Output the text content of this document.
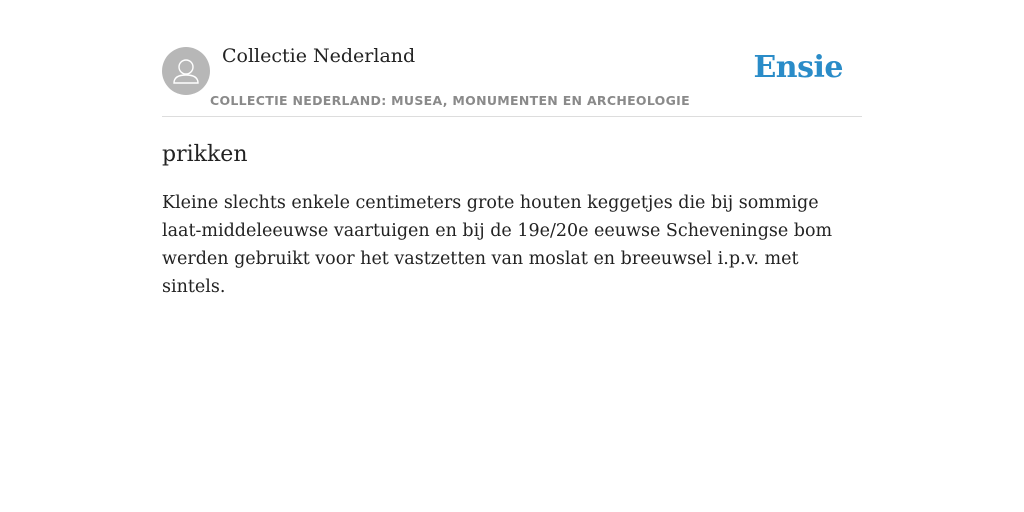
Collectie Nederland
COLLECTIE NEDERLAND: MUSEA, MONUMENTEN EN ARCHEOLOGIE
Ensie
prikken

Kleine slechts enkele centimeters grote houten keggetjes die bij sommige laat-middeleeuwse vaartuigen en bij de 19e/20e eeuwse Scheveningse bom werden gebruikt voor het vastzetten van moslat en breeuwsel i.p.v. met sintels.
